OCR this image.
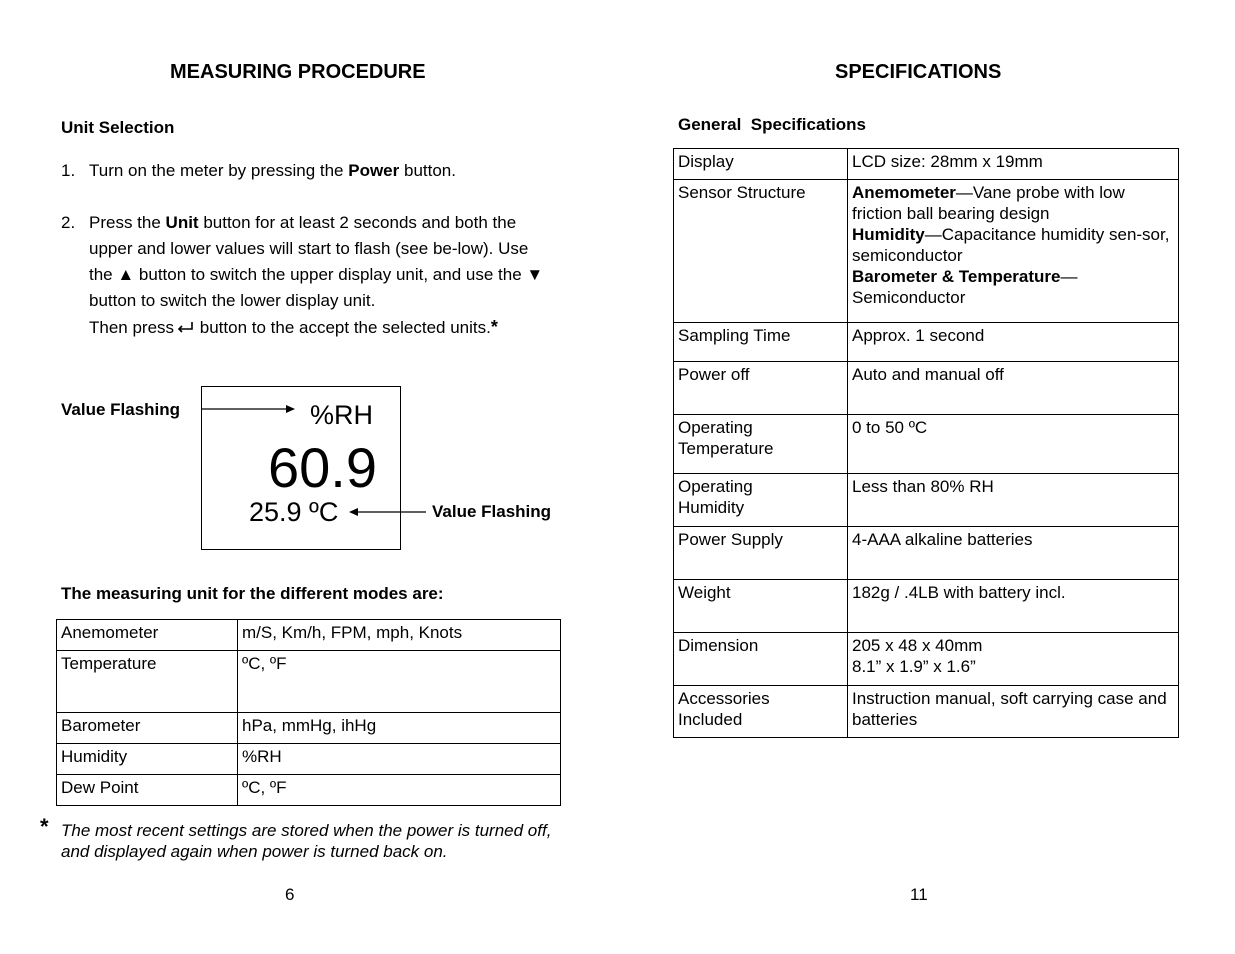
MEASURING PROCEDURE
Unit Selection
1. Turn on the meter by pressing the Power button.
2. Press the Unit button for at least 2 seconds and both the upper and lower values will start to flash (see be-low). Use the ▲ button to switch the upper display unit, and use the ▼ button to switch the lower display unit.
Then press
button to the accept the selected units.*
Value Flashing	%RH
60.9
25.9 ºC	Value Flashing
The measuring unit for the different modes are:
Anemometer	m/S, Km/h, FPM, mph, Knots
Temperature	ºC, ºF
Barometer	hPa, mmHg, ihHg
Humidity	%RH
Dew Point	ºC, ºF
* The most recent settings are stored when the power is turned off, and displayed again when power is turned back on.
6
SPECIFICATIONS
General  Specifications
Display	LCD size: 28mm x 19mm
Sensor Structure	Anemometer—Vane probe with low friction ball bearing design
Humidity—Capacitance humidity sen-sor, semiconductor
Barometer & Temperature—Semiconductor
Sampling Time	Approx. 1 second
Power off	Auto and manual off
Operating
Temperature	0 to 50 ºC
Operating
Humidity	Less than 80% RH
Power Supply	4-AAA alkaline batteries
Weight	182g / .4LB with battery incl.
Dimension	205 x 48 x 40mm
8.1” x 1.9” x 1.6”
Accessories
Included	Instruction manual, soft carrying case and batteries
11
